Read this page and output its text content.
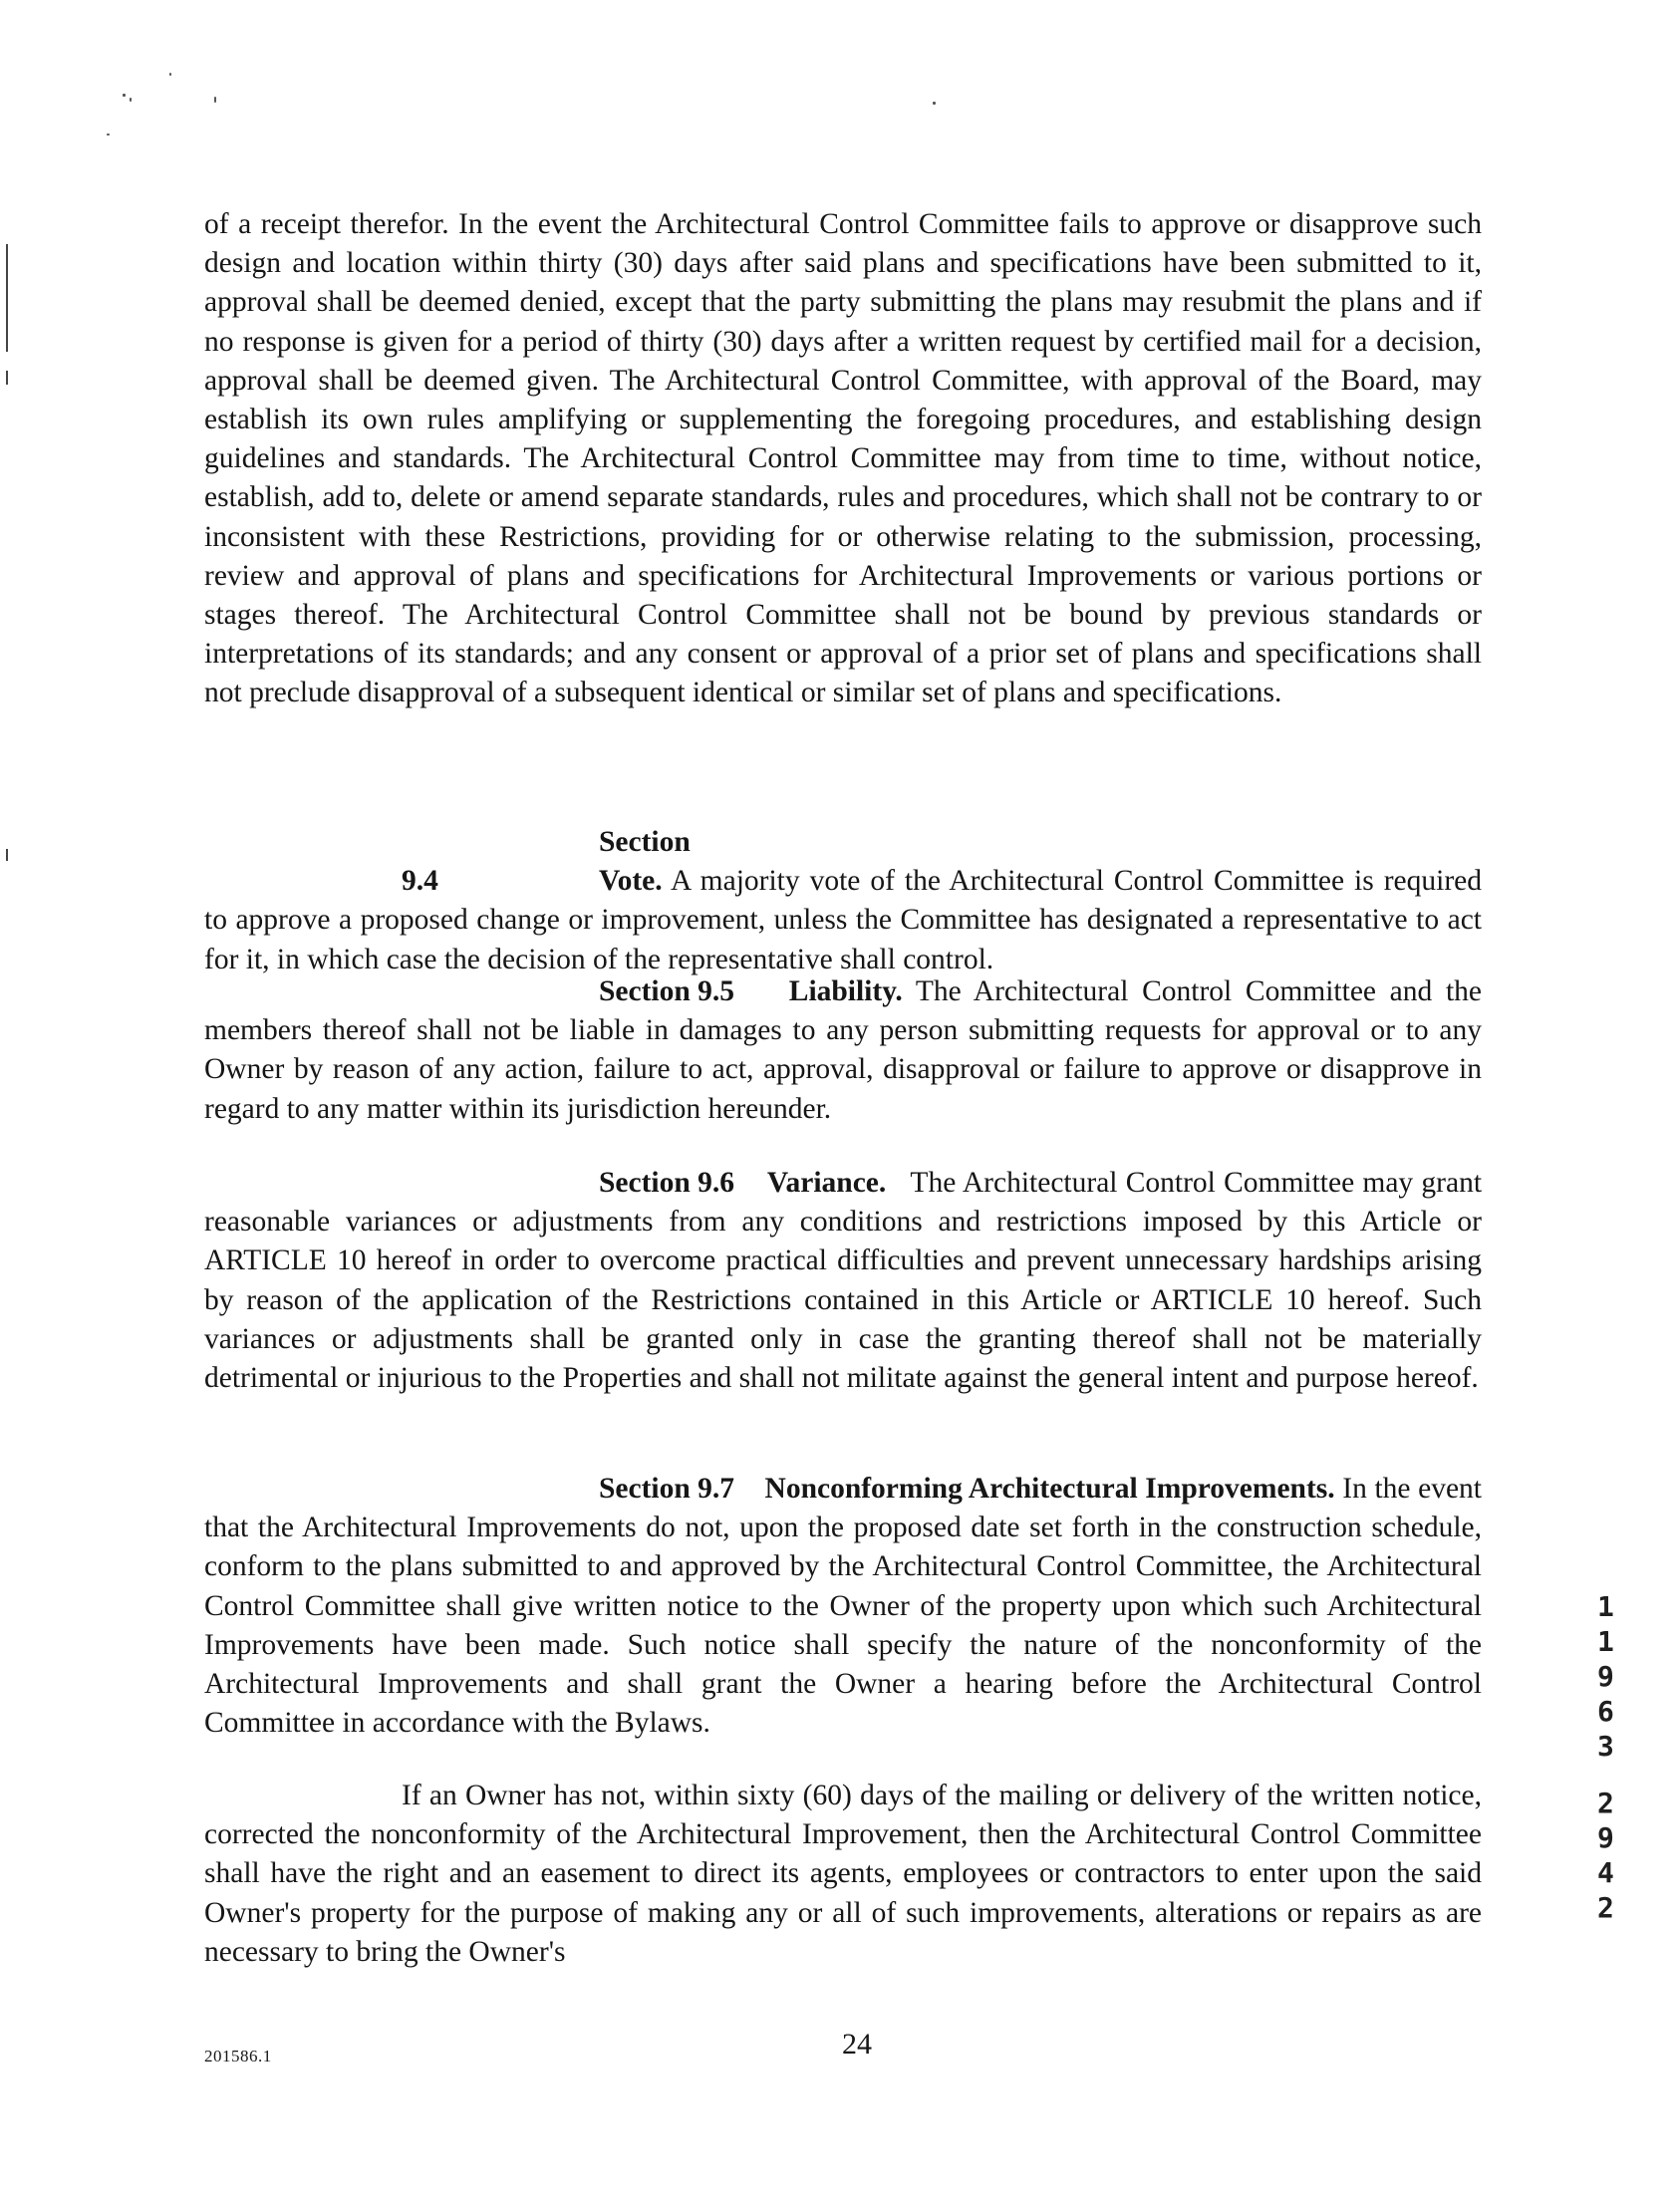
of a receipt therefor. In the event the Architectural Control Committee fails to approve or disapprove such design and location within thirty (30) days after said plans and specifications have been submitted to it, approval shall be deemed denied, except that the party submitting the plans may resubmit the plans and if no response is given for a period of thirty (30) days after a written request by certified mail for a decision, approval shall be deemed given. The Architectural Control Committee, with approval of the Board, may establish its own rules amplifying or supplementing the foregoing procedures, and establishing design guidelines and standards. The Architectural Control Committee may from time to time, without notice, establish, add to, delete or amend separate standards, rules and procedures, which shall not be contrary to or inconsistent with these Restrictions, providing for or otherwise relating to the submission, processing, review and approval of plans and specifications for Architectural Improvements or various portions or stages thereof. The Architectural Control Committee shall not be bound by previous standards or interpretations of its standards; and any consent or approval of a prior set of plans and specifications shall not preclude disapproval of a subsequent identical or similar set of plans and specifications.

Section 9.4	Vote. A majority vote of the Architectural Control Committee is required to approve a proposed change or improvement, unless the Committee has designated a representative to act for it, in which case the decision of the representative shall control.

Section 9.5 Liability. The Architectural Control Committee and the members thereof shall not be liable in damages to any person submitting requests for approval or to any Owner by reason of any action, failure to act, approval, disapproval or failure to approve or disapprove in regard to any matter within its jurisdiction hereunder.

Section 9.6 Variance. The Architectural Control Committee may grant reasonable variances or adjustments from any conditions and restrictions imposed by this Article or ARTICLE 10 hereof in order to overcome practical difficulties and prevent unnecessary hardships arising by reason of the application of the Restrictions contained in this Article or ARTICLE 10 hereof. Such variances or adjustments shall be granted only in case the granting thereof shall not be materially detrimental or injurious to the Properties and shall not militate against the general intent and purpose hereof.

Section 9.7 Nonconforming Architectural Improvements. In the event that the Architectural Improvements do not, upon the proposed date set forth in the construction schedule, conform to the plans submitted to and approved by the Architectural Control Committee, the Architectural Control Committee shall give written notice to the Owner of the property upon which such Architectural Improvements have been made. Such notice shall specify the nature of the nonconformity of the Architectural Improvements and shall grant the Owner a hearing before the Architectural Control Committee in accordance with the Bylaws.

If an Owner has not, within sixty (60) days of the mailing or delivery of the written notice, corrected the nonconformity of the Architectural Improvement, then the Architectural Control Committee shall have the right and an easement to direct its agents, employees or contractors to enter upon the said Owner's property for the purpose of making any or all of such improvements, alterations or repairs as are necessary to bring the Owner's

1
1
9
6
3
2
9
4
2
201586.1	24
